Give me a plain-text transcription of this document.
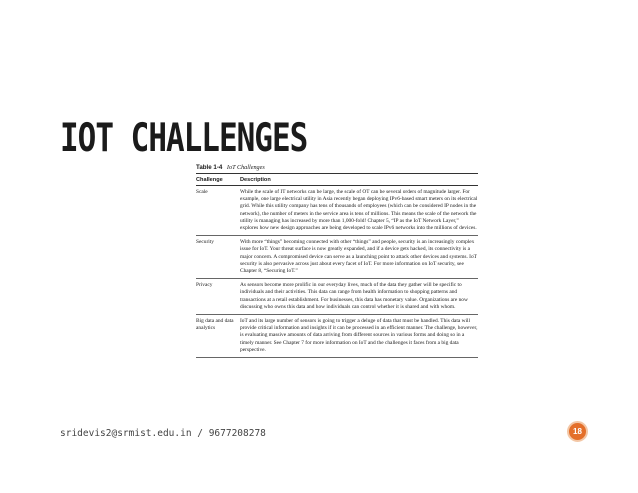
IOT CHALLENGES

Table 1-4 IoT Challenges

Challenge	Description
Scale	While the scale of IT networks can be large, the scale of OT can be several orders of magnitude larger. For example, one large electrical utility in Asia recently began deploying IPv6-based smart meters on its electrical grid. While this utility company has tens of thousands of employees (which can be considered IP nodes in the network), the number of meters in the service area is tens of millions. This means the scale of the network the utility is managing has increased by more than 1,000-fold! Chapter 5, “IP as the IoT Network Layer,” explores how new design approaches are being developed to scale IPv6 networks into the millions of devices.
Security	With more “things” becoming connected with other “things” and people, security is an increasingly complex issue for IoT. Your threat surface is now greatly expanded, and if a device gets hacked, its connectivity is a major concern. A compromised device can serve as a launching point to attack other devices and systems. IoT security is also pervasive across just about every facet of IoT. For more information on IoT security, see Chapter 8, “Securing IoT.”
Privacy	As sensors become more prolific in our everyday lives, much of the data they gather will be specific to individuals and their activities. This data can range from health information to shopping patterns and transactions at a retail establishment. For businesses, this data has monetary value. Organizations are now discussing who owns this data and how individuals can control whether it is shared and with whom.
Big data and data analytics	IoT and its large number of sensors is going to trigger a deluge of data that must be handled. This data will provide critical information and insights if it can be processed in an efficient manner. The challenge, however, is evaluating massive amounts of data arriving from different sources in various forms and doing so in a timely manner. See Chapter 7 for more information on IoT and the challenges it faces from a big data perspective.
sridevis2@srmist.edu.in / 9677208278	18
